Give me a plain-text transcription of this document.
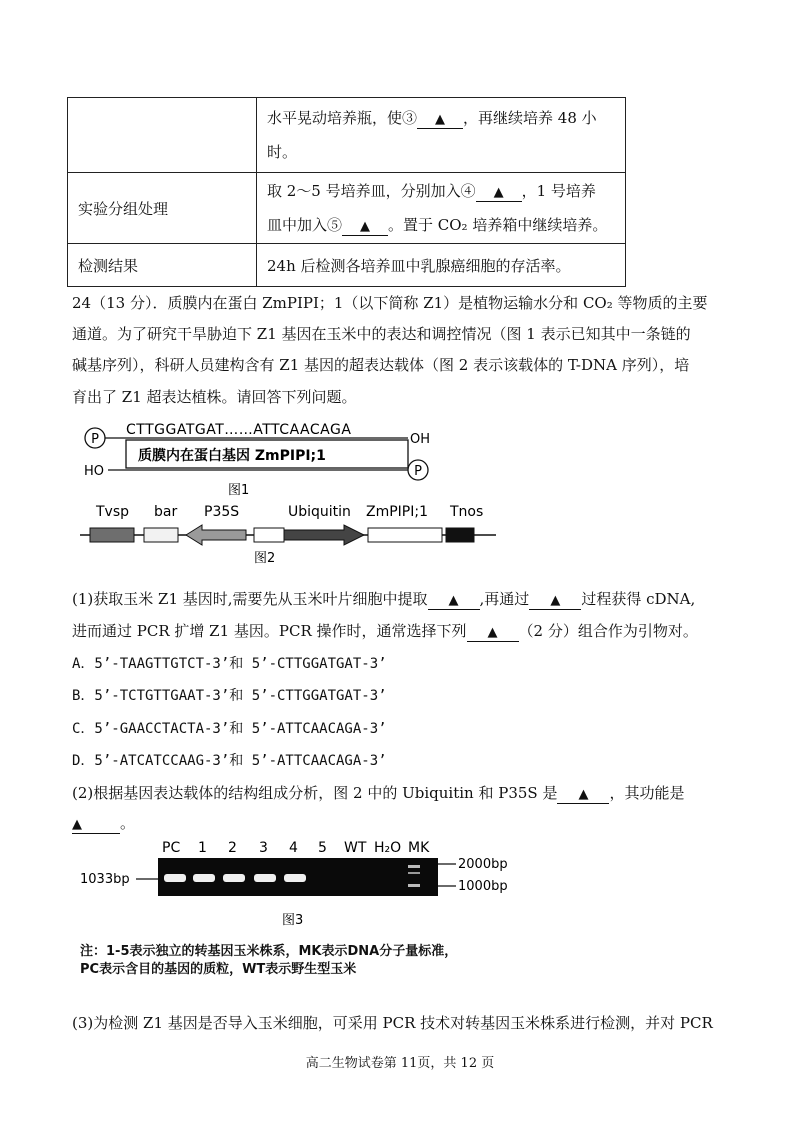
	水平晃动培养瓶，使③ ▲ ，再继续培养 48 小
时。

实验分组处理	取 2～5 号培养皿，分别加入④ ▲ ，1 号培养
皿中加入⑤ ▲ 。置于 CO₂ 培养箱中继续培养。

检测结果	24h 后检测各培养皿中乳腺癌细胞的存活率。

24（13 分）．质膜内在蛋白 ZmPIPI；1（以下简称 Z1）是植物运输水分和 CO₂ 等物质的主要

通道。为了研究干旱胁迫下 Z1 基因在玉米中的表达和调控情况（图 1 表示已知其中一条链的

碱基序列），科研人员建构含有 Z1 基因的超表达载体（图 2 表示该载体的 T-DNA 序列），培

育出了 Z1 超表达植株。请回答下列问题。

P
CTTGGATGAT……ATTCAACAGA
OH
质膜内在蛋白基因 ZmPIPI;1
HO	P
图1
Tvsp bar P35S	Ubiquitin ZmPIPI;1 Tnos
图2

(1)获取玉米 Z1 基因时,需要先从玉米叶片细胞中提取 ▲ ,再通过 ▲ 过程获得 cDNA,

进而通过 PCR 扩增 Z1 基因。PCR 操作时，通常选择下列 ▲ （2 分）组合作为引物对。

A．5’-TAAGTTGTCT-3’和 5’-CTTGGATGAT-3’

B．5’-TCTGTTGAAT-3’和 5’-CTTGGATGAT-3’

C．5’-GAACCTACTA-3’和 5’-ATTCAACAGA-3’

D．5’-ATCATCCAAG-3’和 5’-ATTCAACAGA-3’

(2)根据基因表达载体的结构组成分析，图 2 中的 Ubiquitin 和 P35S 是 ▲ ，其功能是

▲	。

PC 1 2 3 4 5 WT H₂O MK
1033bp
2000bp
1000bp
图3

注：1-5表示独立的转基因玉米株系，MK表示DNA分子量标准，

PC表示含目的基因的质粒，WT表示野生型玉米

(3)为检测 Z1 基因是否导入玉米细胞，可采用 PCR 技术对转基因玉米株系进行检测，并对 PCR

高二生物试卷第 11页，共 12 页
